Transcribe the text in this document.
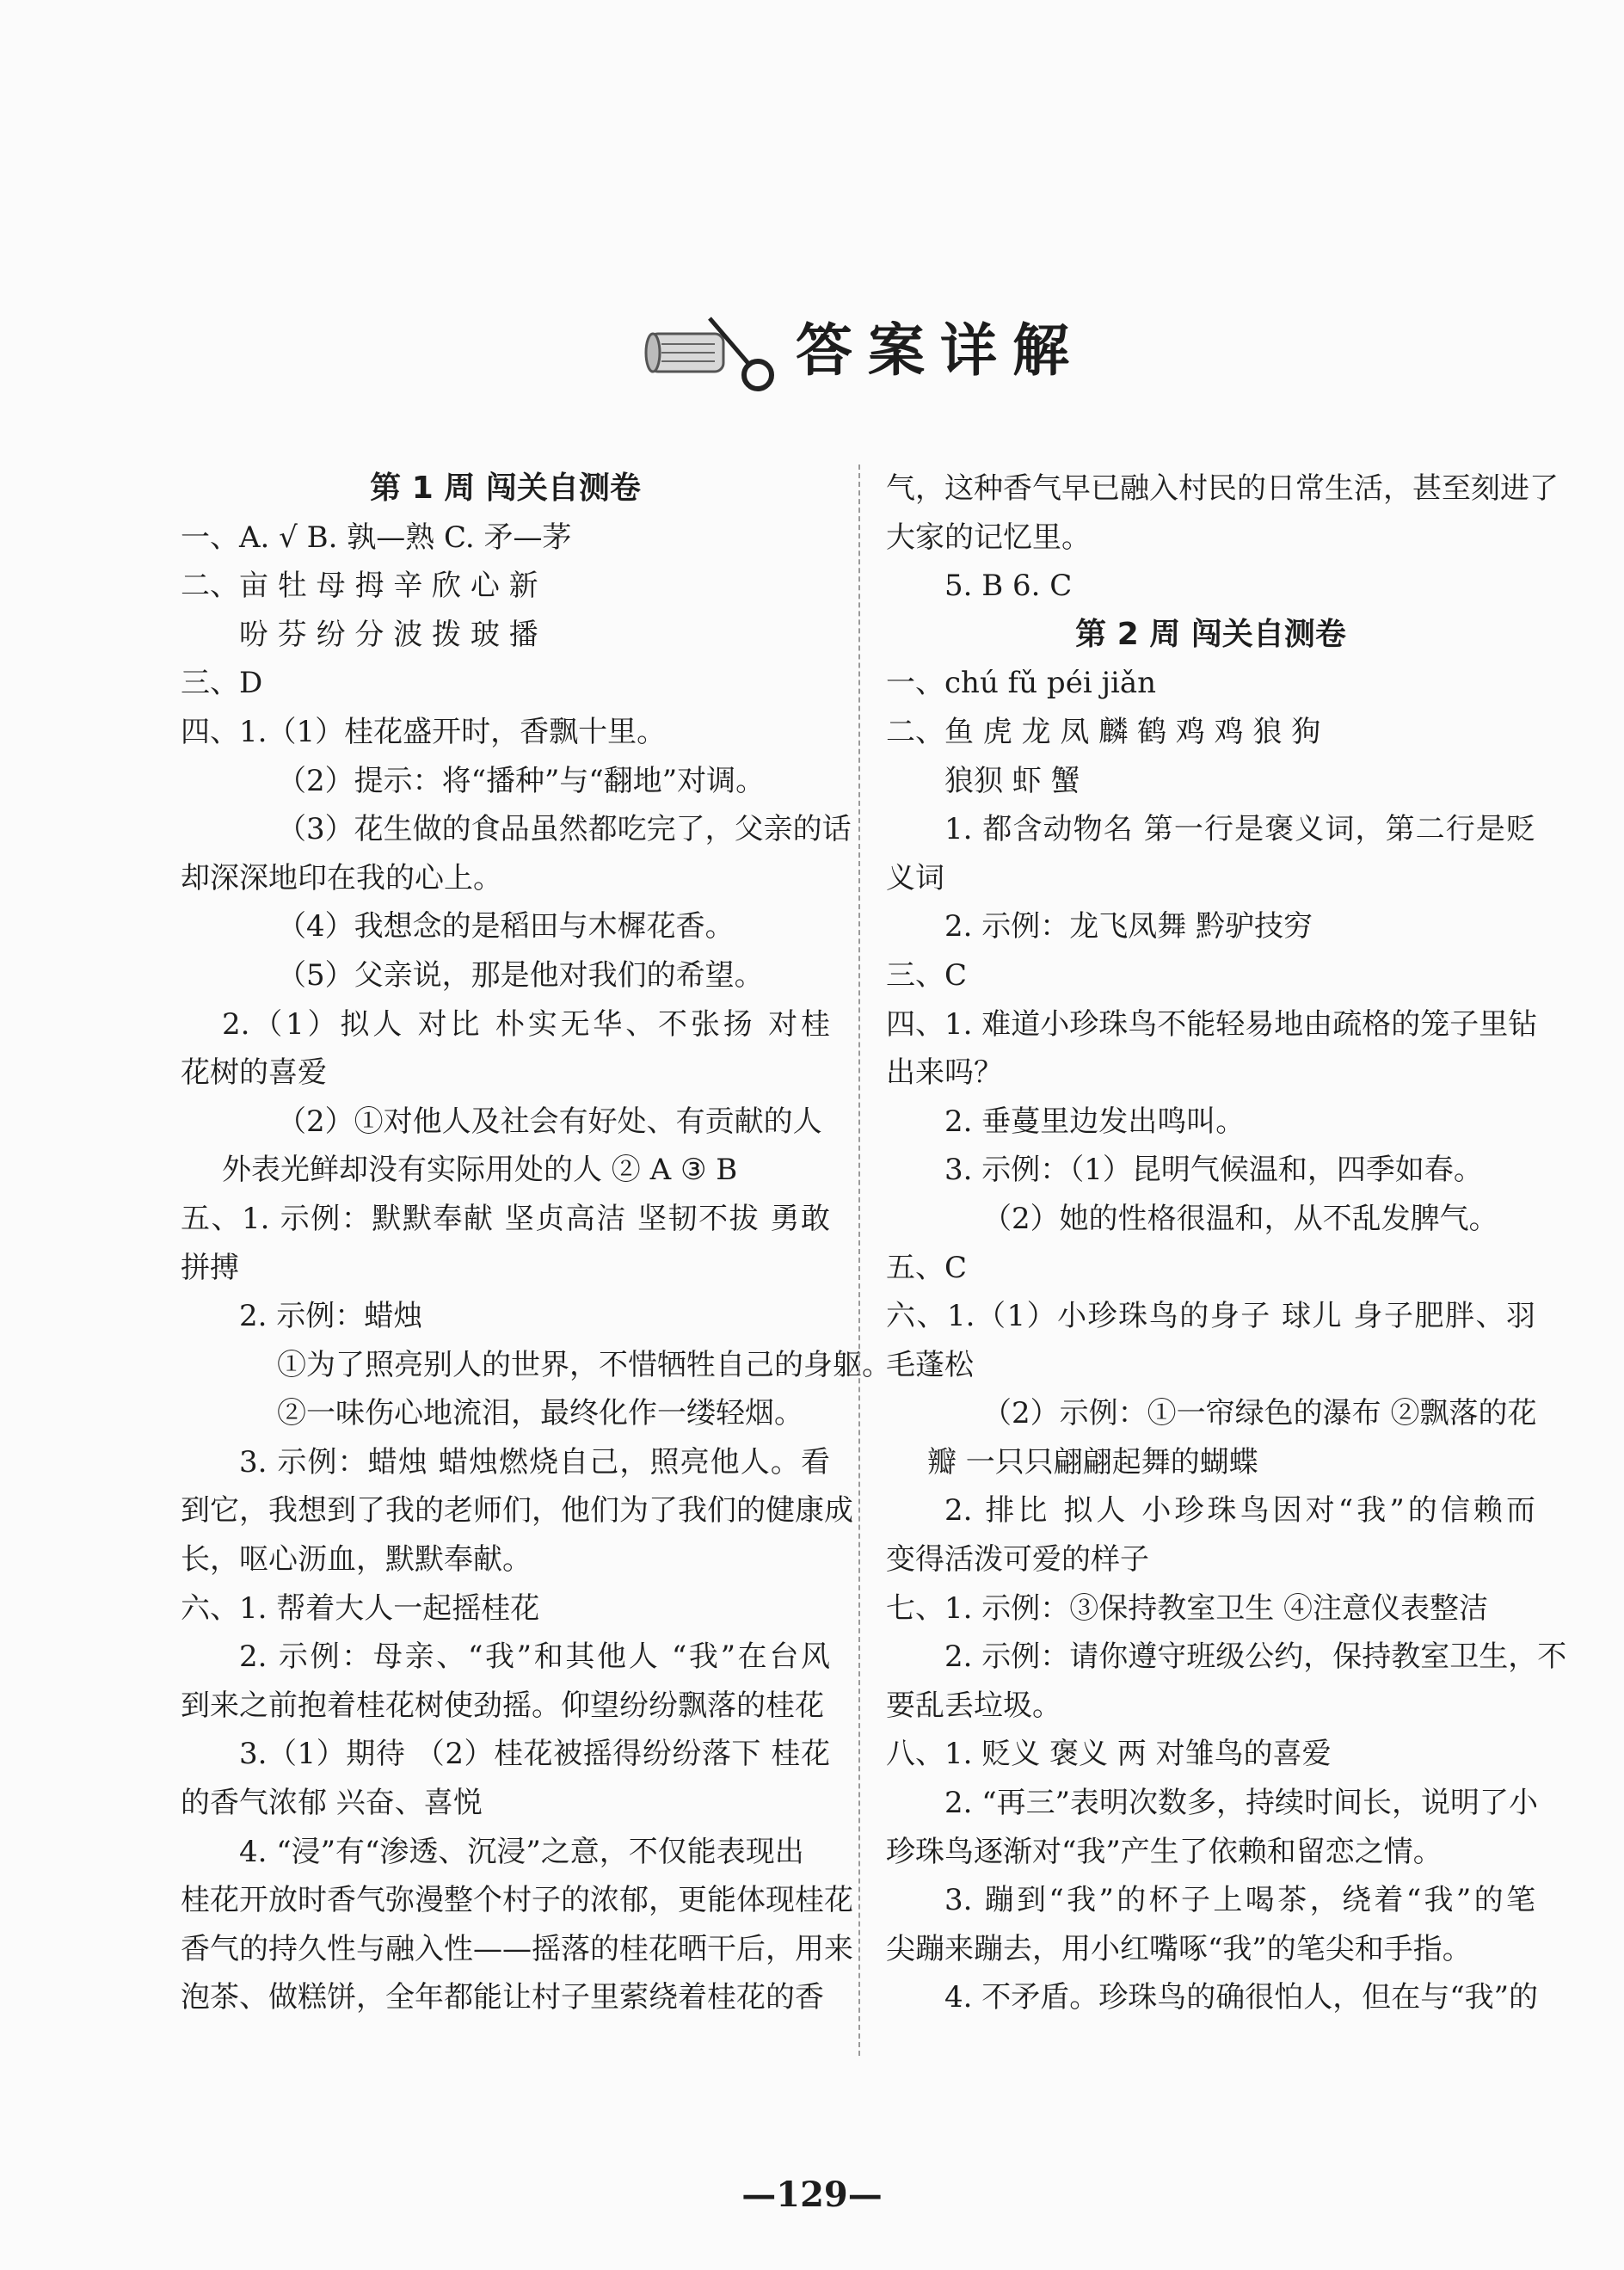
答案详解
第 1 周 闯关自测卷
一、A. √ B. 孰—熟 C. 矛—茅
二、亩 牡 母 拇 辛 欣 心 新
吩 芬 纷 分 波 拨 玻 播
三、D
四、1.（1）桂花盛开时，香飘十里。
（2）提示：将“播种”与“翻地”对调。
（3）花生做的食品虽然都吃完了，父亲的话
却深深地印在我的心上。
（4）我想念的是稻田与木樨花香。
（5）父亲说，那是他对我们的希望。
2.（1）拟人 对比 朴实无华、不张扬 对桂
花树的喜爱
（2）①对他人及社会有好处、有贡献的人
外表光鲜却没有实际用处的人 ② A ③ B
五、1. 示例：默默奉献 坚贞高洁 坚韧不拔 勇敢
拼搏
2. 示例：蜡烛
①为了照亮别人的世界，不惜牺牲自己的身躯。
②一味伤心地流泪，最终化作一缕轻烟。
3. 示例：蜡烛 蜡烛燃烧自己，照亮他人。看
到它，我想到了我的老师们，他们为了我们的健康成
长，呕心沥血，默默奉献。
六、1. 帮着大人一起摇桂花
2. 示例：母亲、“我”和其他人 “我”在台风
到来之前抱着桂花树使劲摇。仰望纷纷飘落的桂花
3.（1）期待 （2）桂花被摇得纷纷落下 桂花
的香气浓郁 兴奋、喜悦
4. “浸”有“渗透、沉浸”之意，不仅能表现出
桂花开放时香气弥漫整个村子的浓郁，更能体现桂花
香气的持久性与融入性——摇落的桂花晒干后，用来
泡茶、做糕饼，全年都能让村子里萦绕着桂花的香
气，这种香气早已融入村民的日常生活，甚至刻进了
大家的记忆里。
5. B 6. C
第 2 周 闯关自测卷
一、chú fǔ péi jiǎn
二、鱼 虎 龙 凤 麟 鹤 鸡 鸡 狼 狗
狼狈 虾 蟹
1. 都含动物名 第一行是褒义词，第二行是贬
义词
2. 示例：龙飞凤舞 黔驴技穷
三、C
四、1. 难道小珍珠鸟不能轻易地由疏格的笼子里钻
出来吗？
2. 垂蔓里边发出鸣叫。
3. 示例：（1）昆明气候温和，四季如春。
（2）她的性格很温和，从不乱发脾气。
五、C
六、1.（1）小珍珠鸟的身子 球儿 身子肥胖、羽
毛蓬松
（2）示例：①一帘绿色的瀑布 ②飘落的花
瓣 一只只翩翩起舞的蝴蝶
2. 排比 拟人 小珍珠鸟因对“我”的信赖而
变得活泼可爱的样子
七、1. 示例：③保持教室卫生 ④注意仪表整洁
2. 示例：请你遵守班级公约，保持教室卫生，不
要乱丢垃圾。
八、1. 贬义 褒义 两 对雏鸟的喜爱
2. “再三”表明次数多，持续时间长，说明了小
珍珠鸟逐渐对“我”产生了依赖和留恋之情。
3. 蹦到“我”的杯子上喝茶，绕着“我”的笔
尖蹦来蹦去，用小红嘴啄“我”的笔尖和手指。
4. 不矛盾。珍珠鸟的确很怕人，但在与“我”的
—129—
